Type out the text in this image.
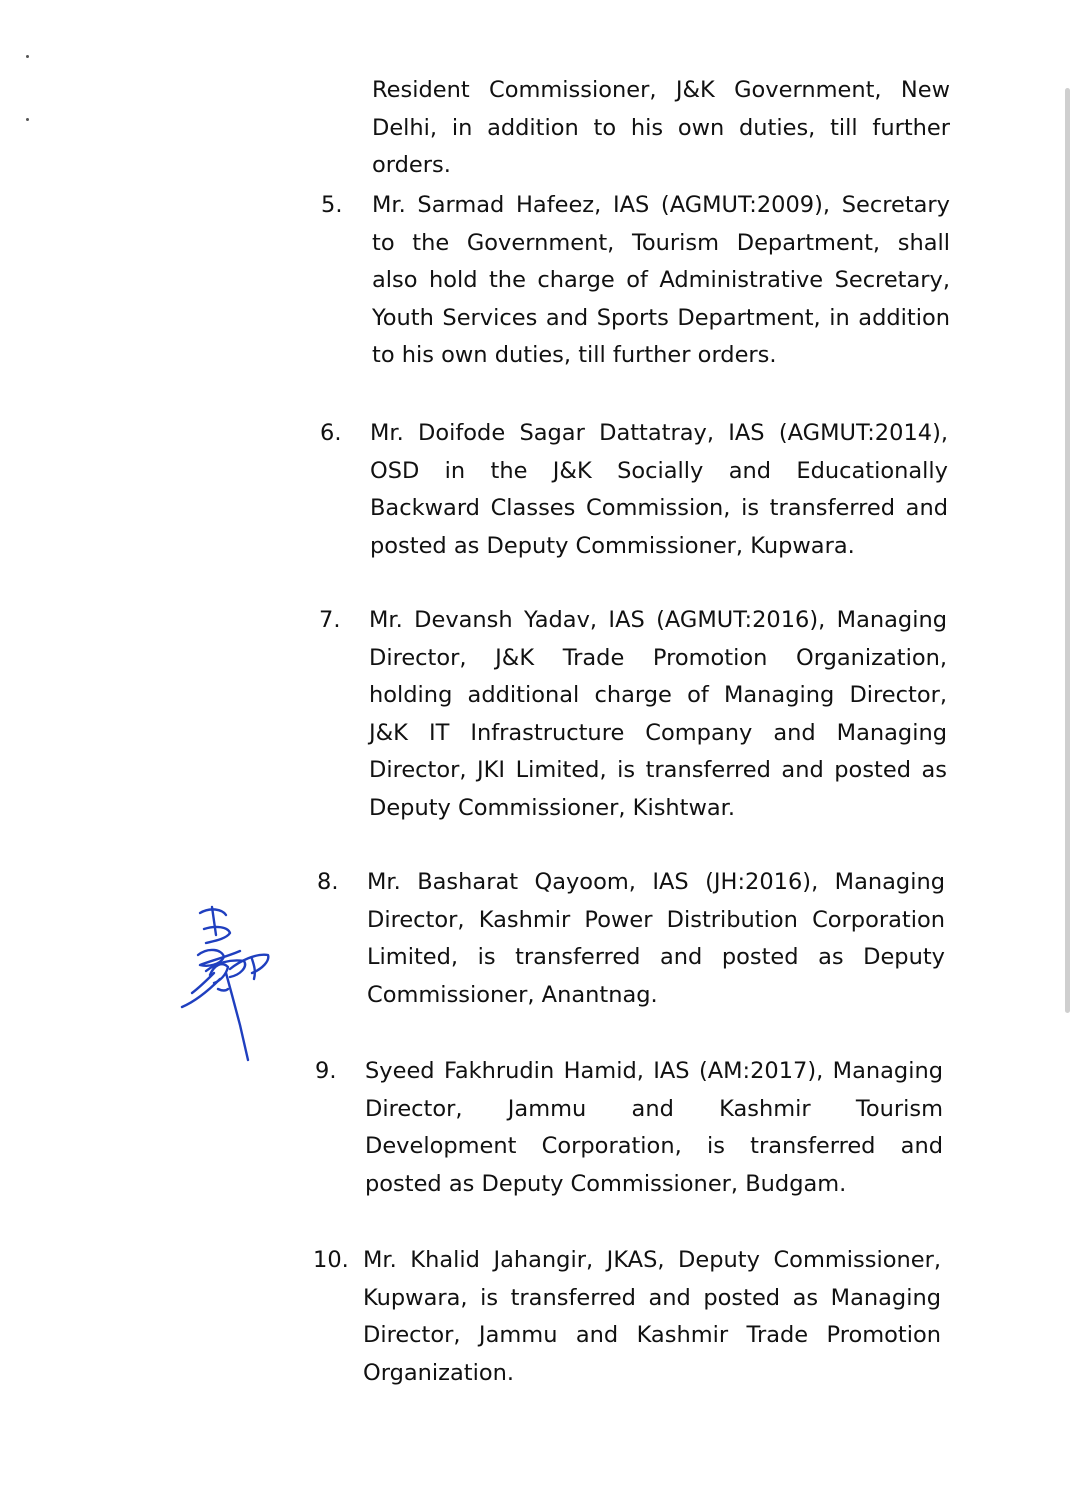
Resident Commissioner, J&K Government, New Delhi, in addition to his own duties, till further orders.
5. Mr. Sarmad Hafeez, IAS (AGMUT:2009), Secretary to the Government, Tourism Department, shall also hold the charge of Administrative Secretary, Youth Services and Sports Department, in addition to his own duties, till further orders.
6. Mr. Doifode Sagar Dattatray, IAS (AGMUT:2014), OSD in the J&K Socially and Educationally Backward Classes Commission, is transferred and posted as Deputy Commissioner, Kupwara.
7. Mr. Devansh Yadav, IAS (AGMUT:2016), Managing Director, J&K Trade Promotion Organization, holding additional charge of Managing Director, J&K IT Infrastructure Company and Managing Director, JKI Limited, is transferred and posted as Deputy Commissioner, Kishtwar.
8. Mr. Basharat Qayoom, IAS (JH:2016), Managing Director, Kashmir Power Distribution Corporation Limited, is transferred and posted as Deputy Commissioner, Anantnag.
9. Syeed Fakhrudin Hamid, IAS (AM:2017), Managing Director, Jammu and Kashmir Tourism Development Corporation, is transferred and posted as Deputy Commissioner, Budgam.
10. Mr. Khalid Jahangir, JKAS, Deputy Commissioner, Kupwara, is transferred and posted as Managing Director, Jammu and Kashmir Trade Promotion Organization.
